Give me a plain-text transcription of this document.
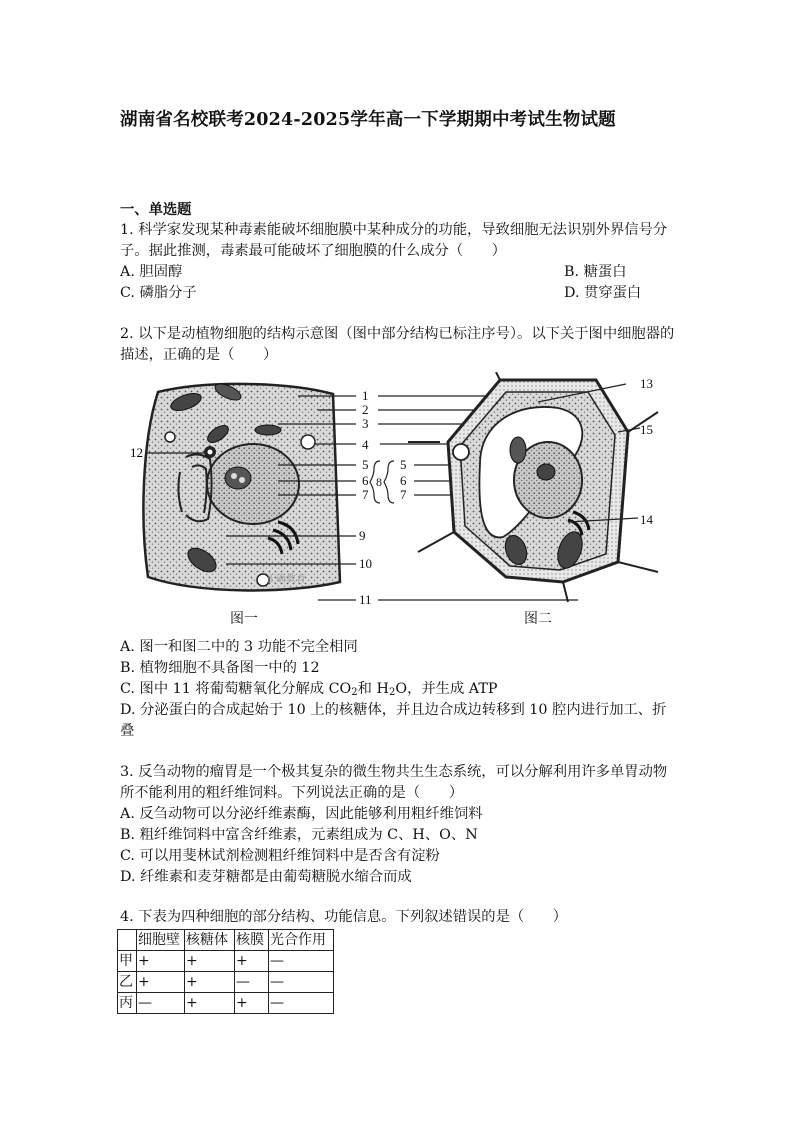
湖南省名校联考2024-2025学年高一下学期期中考试生物试题
一、单选题
1. 科学家发现某种毒素能破坏细胞膜中某种成分的功能，导致细胞无法识别外界信号分子。据此推测，毒素最可能破坏了细胞膜的什么成分（　　）
A. 胆固醇	B. 糖蛋白
C. 磷脂分子	D. 贯穿蛋白
2. 以下是动植物细胞的结构示意图（图中部分结构已标注序号）。以下关于图中细胞器的描述，正确的是（　　）
正确教育
12
1
2
3
4
5
6
7
8
5
6
7
9
10
11
13
15
14
图一	图二
A. 图一和图二中的 3 功能不完全相同
B. 植物细胞不具备图一中的 12
C. 图中 11 将葡萄糖氧化分解成 $CO_2$和 $H_2O$，并生成 ATP
D. 分泌蛋白的合成起始于 10 上的核糖体，并且边合成边转移到 10 腔内进行加工、折叠
3. 反刍动物的瘤胃是一个极其复杂的微生物共生生态系统，可以分解利用许多单胃动物所不能利用的粗纤维饲料。下列说法正确的是（　　）
A. 反刍动物可以分泌纤维素酶，因此能够利用粗纤维饲料
B. 粗纤维饲料中富含纤维素，元素组成为 C、H、O、N
C. 可以用斐林试剂检测粗纤维饲料中是否含有淀粉
D. 纤维素和麦芽糖都是由葡萄糖脱水缩合而成
4. 下表为四种细胞的部分结构、功能信息。下列叙述错误的是（　　）
	细胞壁	核糖体	核膜	光合作用
甲	+	+	+	—
乙	+	+	—	—
丙	—	+	+	—
